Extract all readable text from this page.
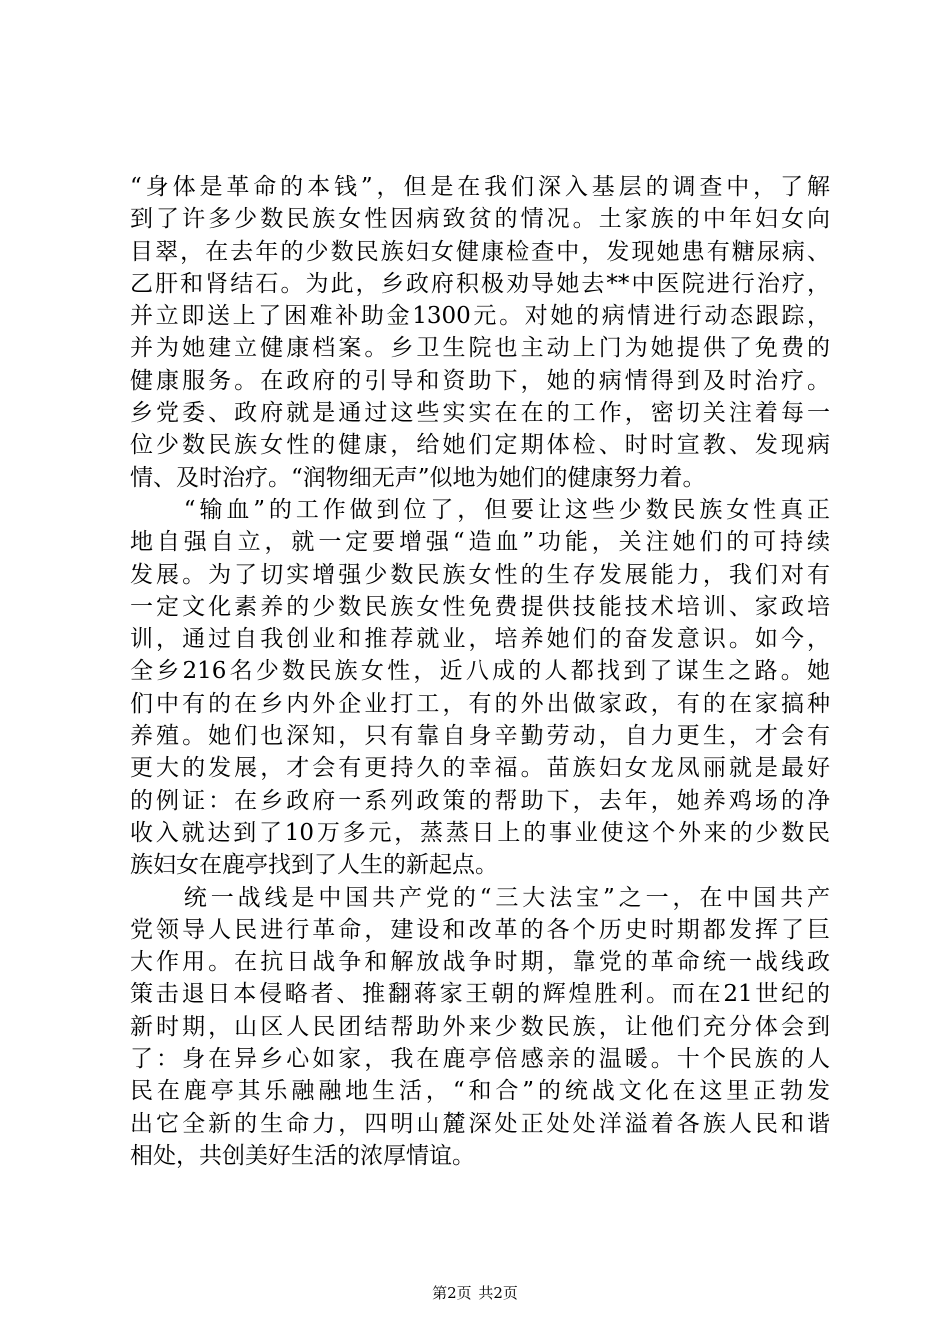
“身体是革命的本钱”，但是在我们深入基层的调查中，了解
到了许多少数民族女性因病致贫的情况。土家族的中年妇女向
目翠，在去年的少数民族妇女健康检查中，发现她患有糖尿病、
乙肝和肾结石。为此，乡政府积极劝导她去**中医院进行治疗，
并立即送上了困难补助金1300元。对她的病情进行动态跟踪，
并为她建立健康档案。乡卫生院也主动上门为她提供了免费的
健康服务。在政府的引导和资助下，她的病情得到及时治疗。
乡党委、政府就是通过这些实实在在的工作，密切关注着每一
位少数民族女性的健康，给她们定期体检、时时宣教、发现病
情、及时治疗。“润物细无声”似地为她们的健康努力着。
　　“输血”的工作做到位了，但要让这些少数民族女性真正
地自强自立，就一定要增强“造血”功能，关注她们的可持续
发展。为了切实增强少数民族女性的生存发展能力，我们对有
一定文化素养的少数民族女性免费提供技能技术培训、家政培
训，通过自我创业和推荐就业，培养她们的奋发意识。如今，
全乡216名少数民族女性，近八成的人都找到了谋生之路。她
们中有的在乡内外企业打工，有的外出做家政，有的在家搞种
养殖。她们也深知，只有靠自身辛勤劳动，自力更生，才会有
更大的发展，才会有更持久的幸福。苗族妇女龙凤丽就是最好
的例证：在乡政府一系列政策的帮助下，去年，她养鸡场的净
收入就达到了10万多元，蒸蒸日上的事业使这个外来的少数民
族妇女在鹿亭找到了人生的新起点。
　　统一战线是中国共产党的“三大法宝”之一，在中国共产
党领导人民进行革命，建设和改革的各个历史时期都发挥了巨
大作用。在抗日战争和解放战争时期，靠党的革命统一战线政
策击退日本侵略者、推翻蒋家王朝的辉煌胜利。而在21世纪的
新时期，山区人民团结帮助外来少数民族，让他们充分体会到
了：身在异乡心如家，我在鹿亭倍感亲的温暖。十个民族的人
民在鹿亭其乐融融地生活，“和合”的统战文化在这里正勃发
出它全新的生命力，四明山麓深处正处处洋溢着各族人民和谐
相处，共创美好生活的浓厚情谊。
第2页 共2页
